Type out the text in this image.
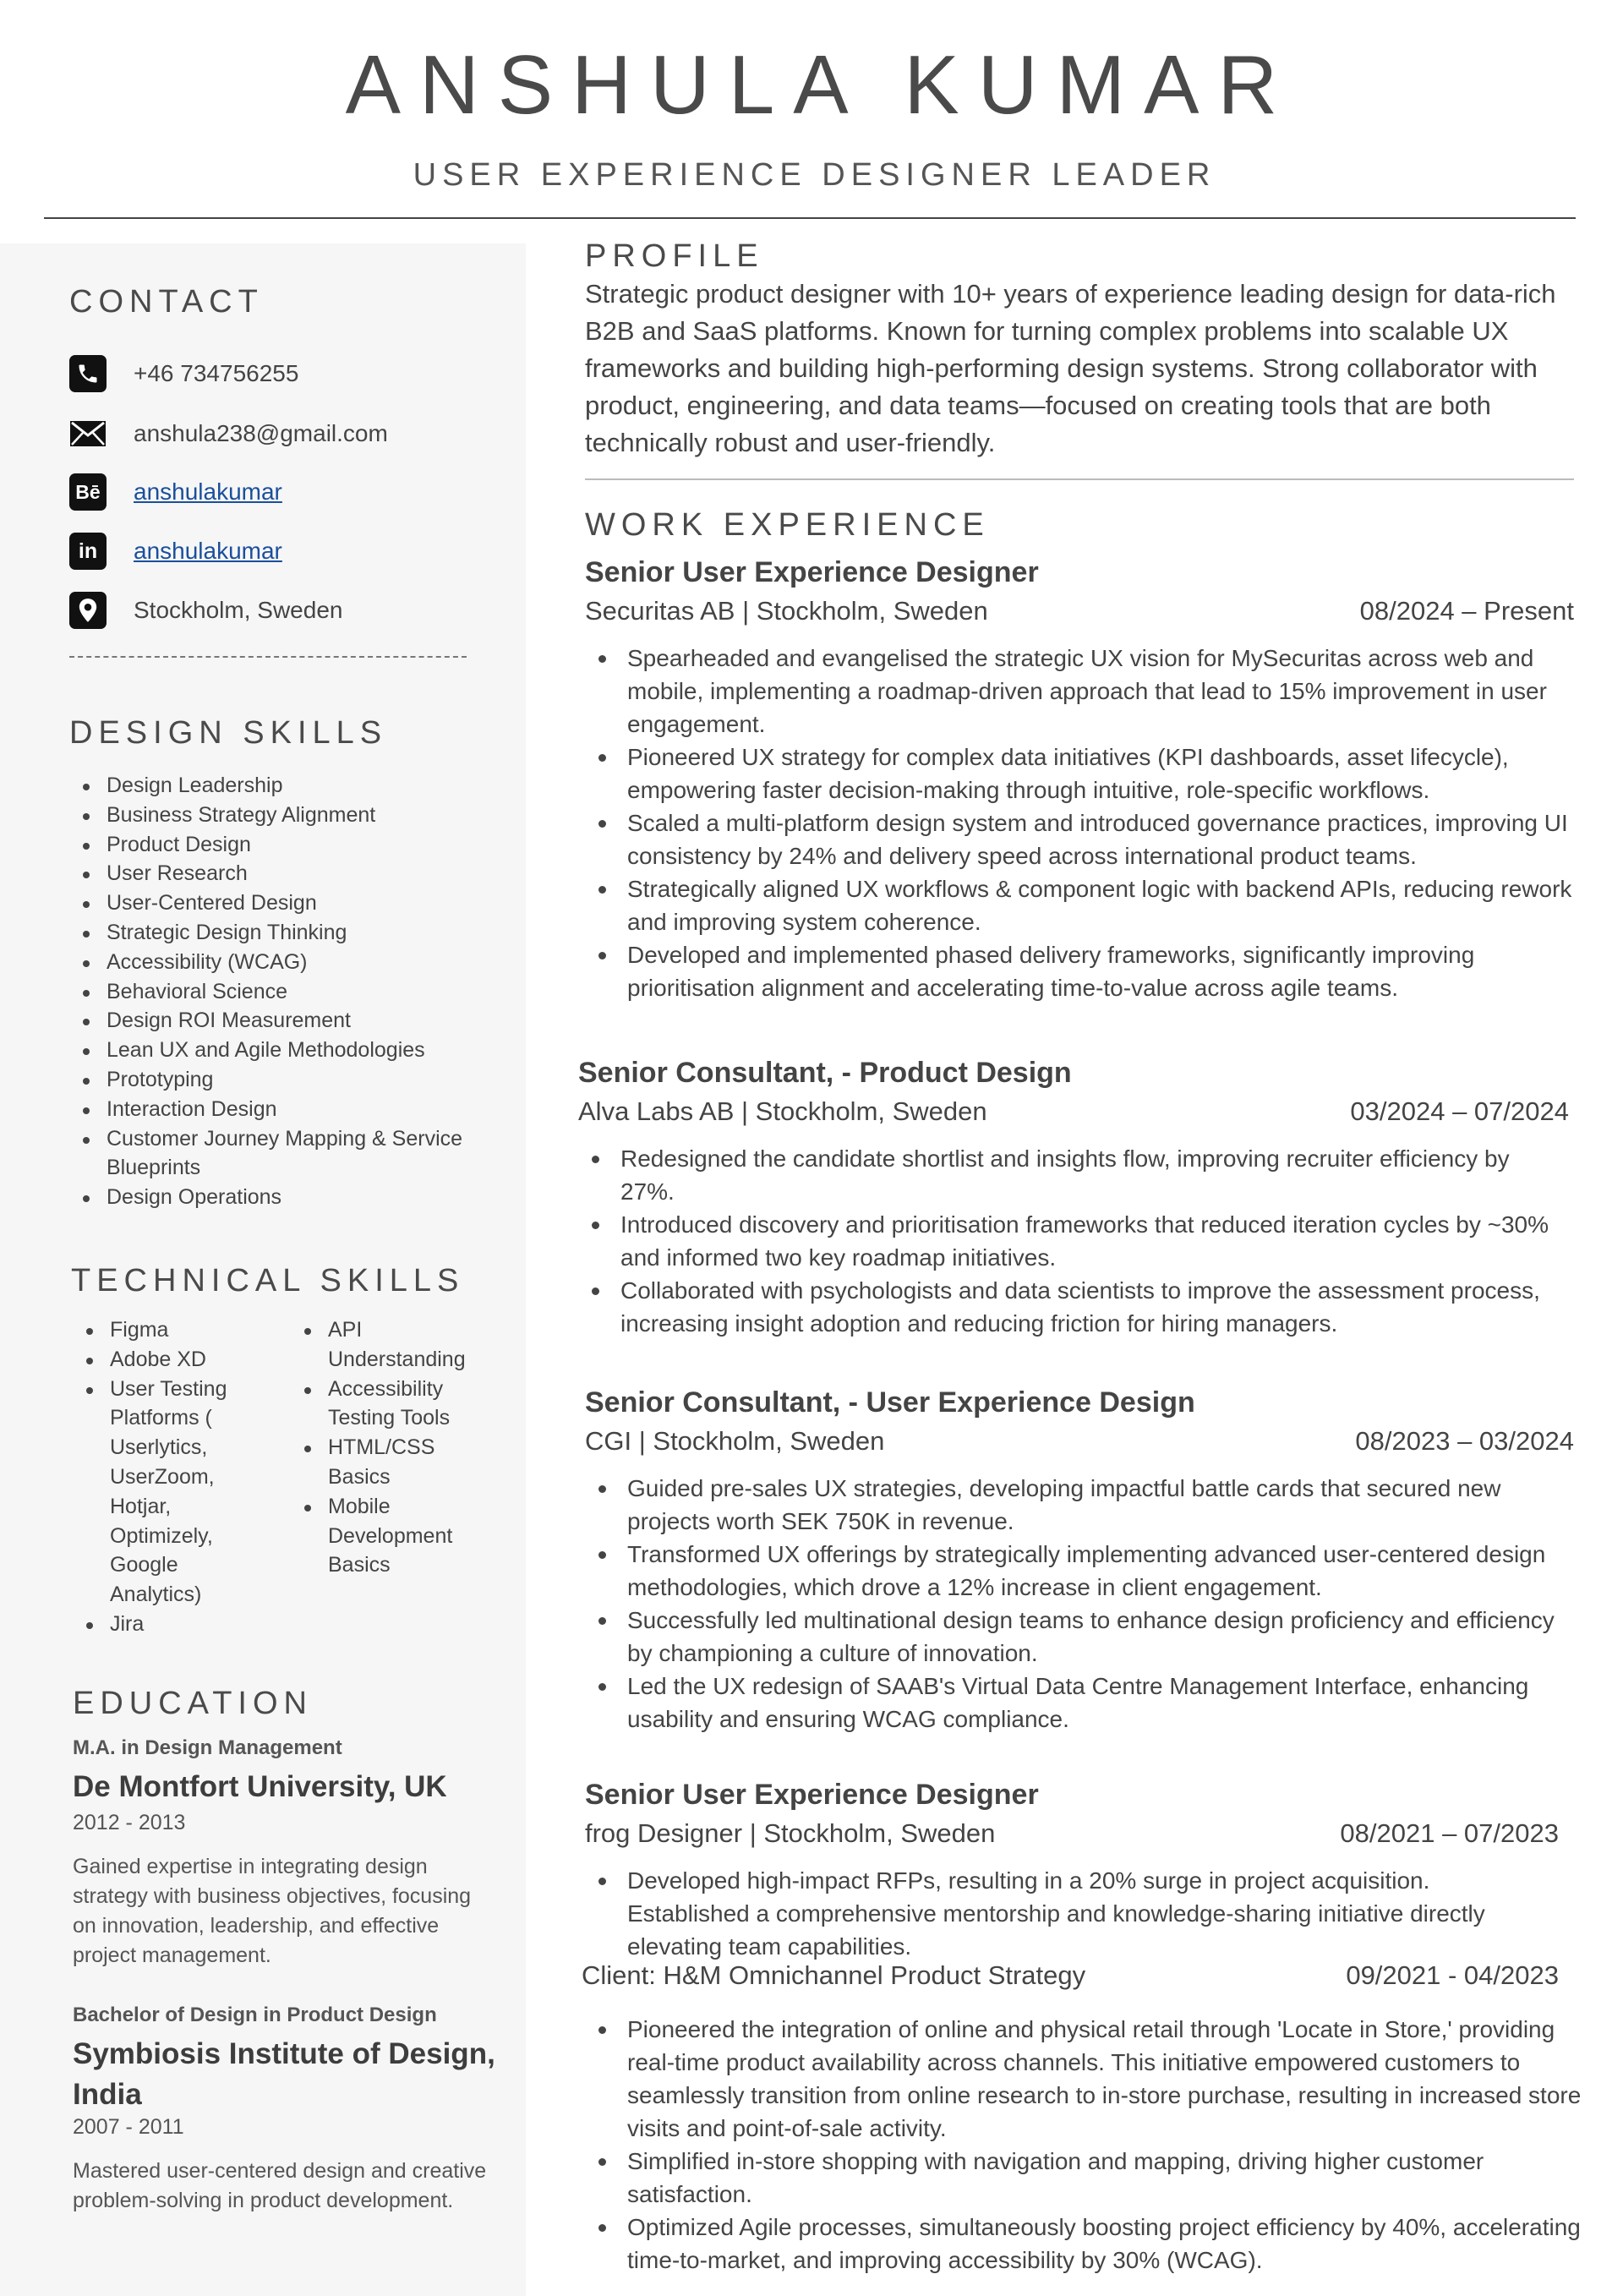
ANSHULA KUMAR
USER EXPERIENCE DESIGNER LEADER
CONTACT
+46 734756255
anshula238@gmail.com
Bē anshulakumar
in	anshulakumar
Stockholm, Sweden
DESIGN SKILLS
Design Leadership
Business Strategy Alignment
Product Design
User Research
User-Centered Design
Strategic Design Thinking
Accessibility (WCAG)
Behavioral Science
Design ROI Measurement
Lean UX and Agile Methodologies
Prototyping
Interaction Design
Customer Journey Mapping & Service Blueprints
Design Operations
TECHNICAL SKILLS
Figma
Adobe XD
User Testing Platforms ( Userlytics, UserZoom, Hotjar, Optimizely, Google Analytics)
Jira
API Understanding
Accessibility Testing Tools
HTML/CSS Basics
Mobile Development Basics
EDUCATION
M.A. in Design Management
De Montfort University, UK
2012 - 2013
Gained expertise in integrating design strategy with business objectives, focusing on innovation, leadership, and effective project management.
Bachelor of Design in Product Design
Symbiosis Institute of Design, India
2007 - 2011
Mastered user-centered design and creative problem-solving in product development.
PROFILE
Strategic product designer with 10+ years of experience leading design for data-rich B2B and SaaS platforms. Known for turning complex problems into scalable UX frameworks and building high-performing design systems. Strong collaborator with product, engineering, and data teams—focused on creating tools that are both technically robust and user-friendly.
WORK EXPERIENCE
Senior User Experience Designer
Securitas AB | Stockholm, Sweden	08/2024 – Present
Spearheaded and evangelised the strategic UX vision for MySecuritas across web and mobile, implementing a roadmap-driven approach that lead to 15% improvement in user engagement.
Pioneered UX strategy for complex data initiatives (KPI dashboards, asset lifecycle), empowering faster decision-making through intuitive, role-specific workflows.
Scaled a multi-platform design system and introduced governance practices, improving UI consistency by 24% and delivery speed across international product teams.
Strategically aligned UX workflows & component logic with backend APIs, reducing rework and improving system coherence.
Developed and implemented phased delivery frameworks, significantly improving prioritisation alignment and accelerating time-to-value across agile teams.
Senior Consultant, - Product Design
Alva Labs AB | Stockholm, Sweden	03/2024 – 07/2024
Redesigned the candidate shortlist and insights flow, improving recruiter efficiency by 27%.
Introduced discovery and prioritisation frameworks that reduced iteration cycles by ~30% and informed two key roadmap initiatives.
Collaborated with psychologists and data scientists to improve the assessment process, increasing insight adoption and reducing friction for hiring managers.
Senior Consultant, - User Experience Design
CGI | Stockholm, Sweden	08/2023 – 03/2024
Guided pre-sales UX strategies, developing impactful battle cards that secured new projects worth SEK 750K in revenue.
Transformed UX offerings by strategically implementing advanced user-centered design methodologies, which drove a 12% increase in client engagement.
Successfully led multinational design teams to enhance design proficiency and efficiency by championing a culture of innovation.
Led the UX redesign of SAAB's Virtual Data Centre Management Interface, enhancing usability and ensuring WCAG compliance.
Senior User Experience Designer
frog Designer | Stockholm, Sweden	08/2021 – 07/2023
Developed high-impact RFPs, resulting in a 20% surge in project acquisition. Established a comprehensive mentorship and knowledge-sharing initiative directly elevating team capabilities.
Client: H&M Omnichannel Product Strategy	09/2021 - 04/2023
Pioneered the integration of online and physical retail through 'Locate in Store,' providing real-time product availability across channels. This initiative empowered customers to seamlessly transition from online research to in-store purchase, resulting in increased store visits and point-of-sale activity.
Simplified in-store shopping with navigation and mapping, driving higher customer satisfaction.
Optimized Agile processes, simultaneously boosting project efficiency by 40%, accelerating time-to-market, and improving accessibility by 30% (WCAG).
